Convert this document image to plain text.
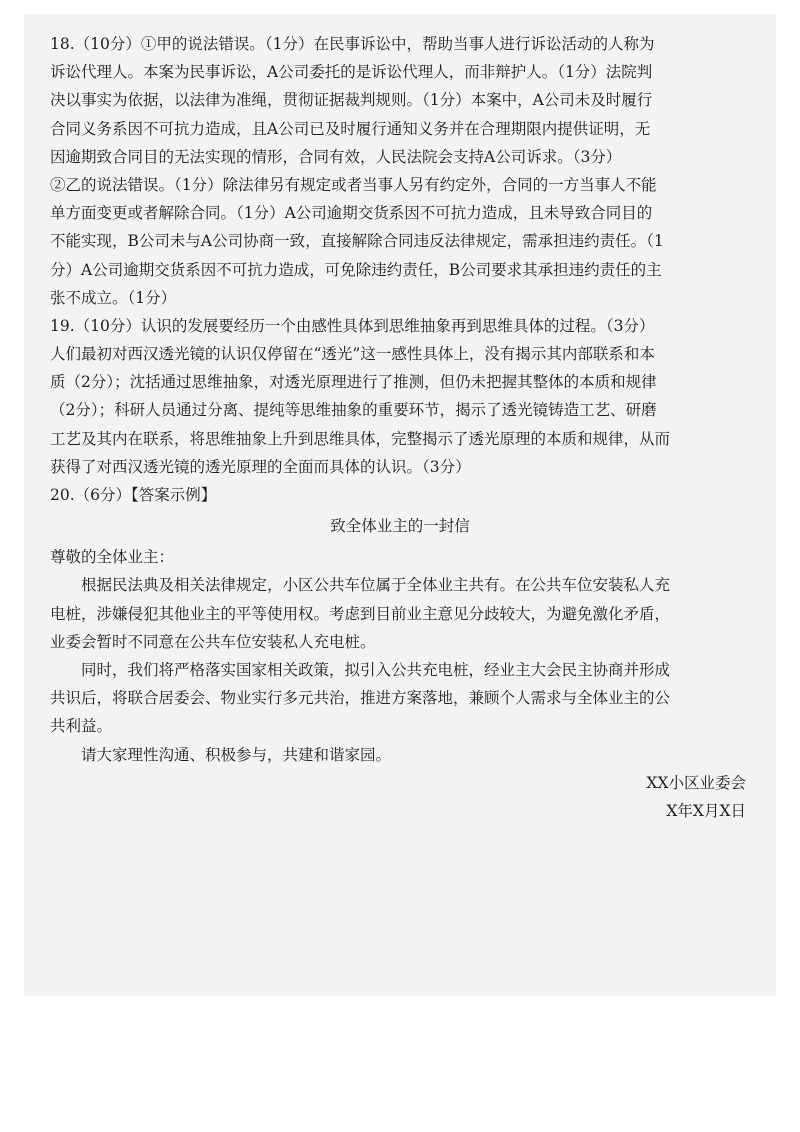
18.（10分）①甲的说法错误。（1分）在民事诉讼中，帮助当事人进行诉讼活动的人称为
诉讼代理人。本案为民事诉讼，A公司委托的是诉讼代理人，而非辩护人。（1分）法院判
决以事实为依据，以法律为准绳，贯彻证据裁判规则。（1分）本案中，A公司未及时履行
合同义务系因不可抗力造成，且A公司已及时履行通知义务并在合理期限内提供证明，无
因逾期致合同目的无法实现的情形，合同有效，人民法院会支持A公司诉求。（3分）
②乙的说法错误。（1分）除法律另有规定或者当事人另有约定外，合同的一方当事人不能
单方面变更或者解除合同。（1分）A公司逾期交货系因不可抗力造成，且未导致合同目的
不能实现，B公司未与A公司协商一致，直接解除合同违反法律规定，需承担违约责任。（1
分）A公司逾期交货系因不可抗力造成，可免除违约责任，B公司要求其承担违约责任的主
张不成立。（1分）
19.（10分）认识的发展要经历一个由感性具体到思维抽象再到思维具体的过程。（3分）
人们最初对西汉透光镜的认识仅停留在“透光”这一感性具体上，没有揭示其内部联系和本
质（2分）；沈括通过思维抽象，对透光原理进行了推测，但仍未把握其整体的本质和规律
（2分）；科研人员通过分离、提纯等思维抽象的重要环节，揭示了透光镜铸造工艺、研磨
工艺及其内在联系，将思维抽象上升到思维具体，完整揭示了透光原理的本质和规律，从而
获得了对西汉透光镜的透光原理的全面而具体的认识。（3分）
20.（6分）【答案示例】
致全体业主的一封信
尊敬的全体业主：
根据民法典及相关法律规定，小区公共车位属于全体业主共有。在公共车位安装私人充
电桩，涉嫌侵犯其他业主的平等使用权。考虑到目前业主意见分歧较大，为避免激化矛盾，
业委会暂时不同意在公共车位安装私人充电桩。
同时，我们将严格落实国家相关政策，拟引入公共充电桩，经业主大会民主协商并形成
共识后，将联合居委会、物业实行多元共治，推进方案落地，兼顾个人需求与全体业主的公
共利益。
请大家理性沟通、积极参与，共建和谐家园。
XX小区业委会
X年X月X日
